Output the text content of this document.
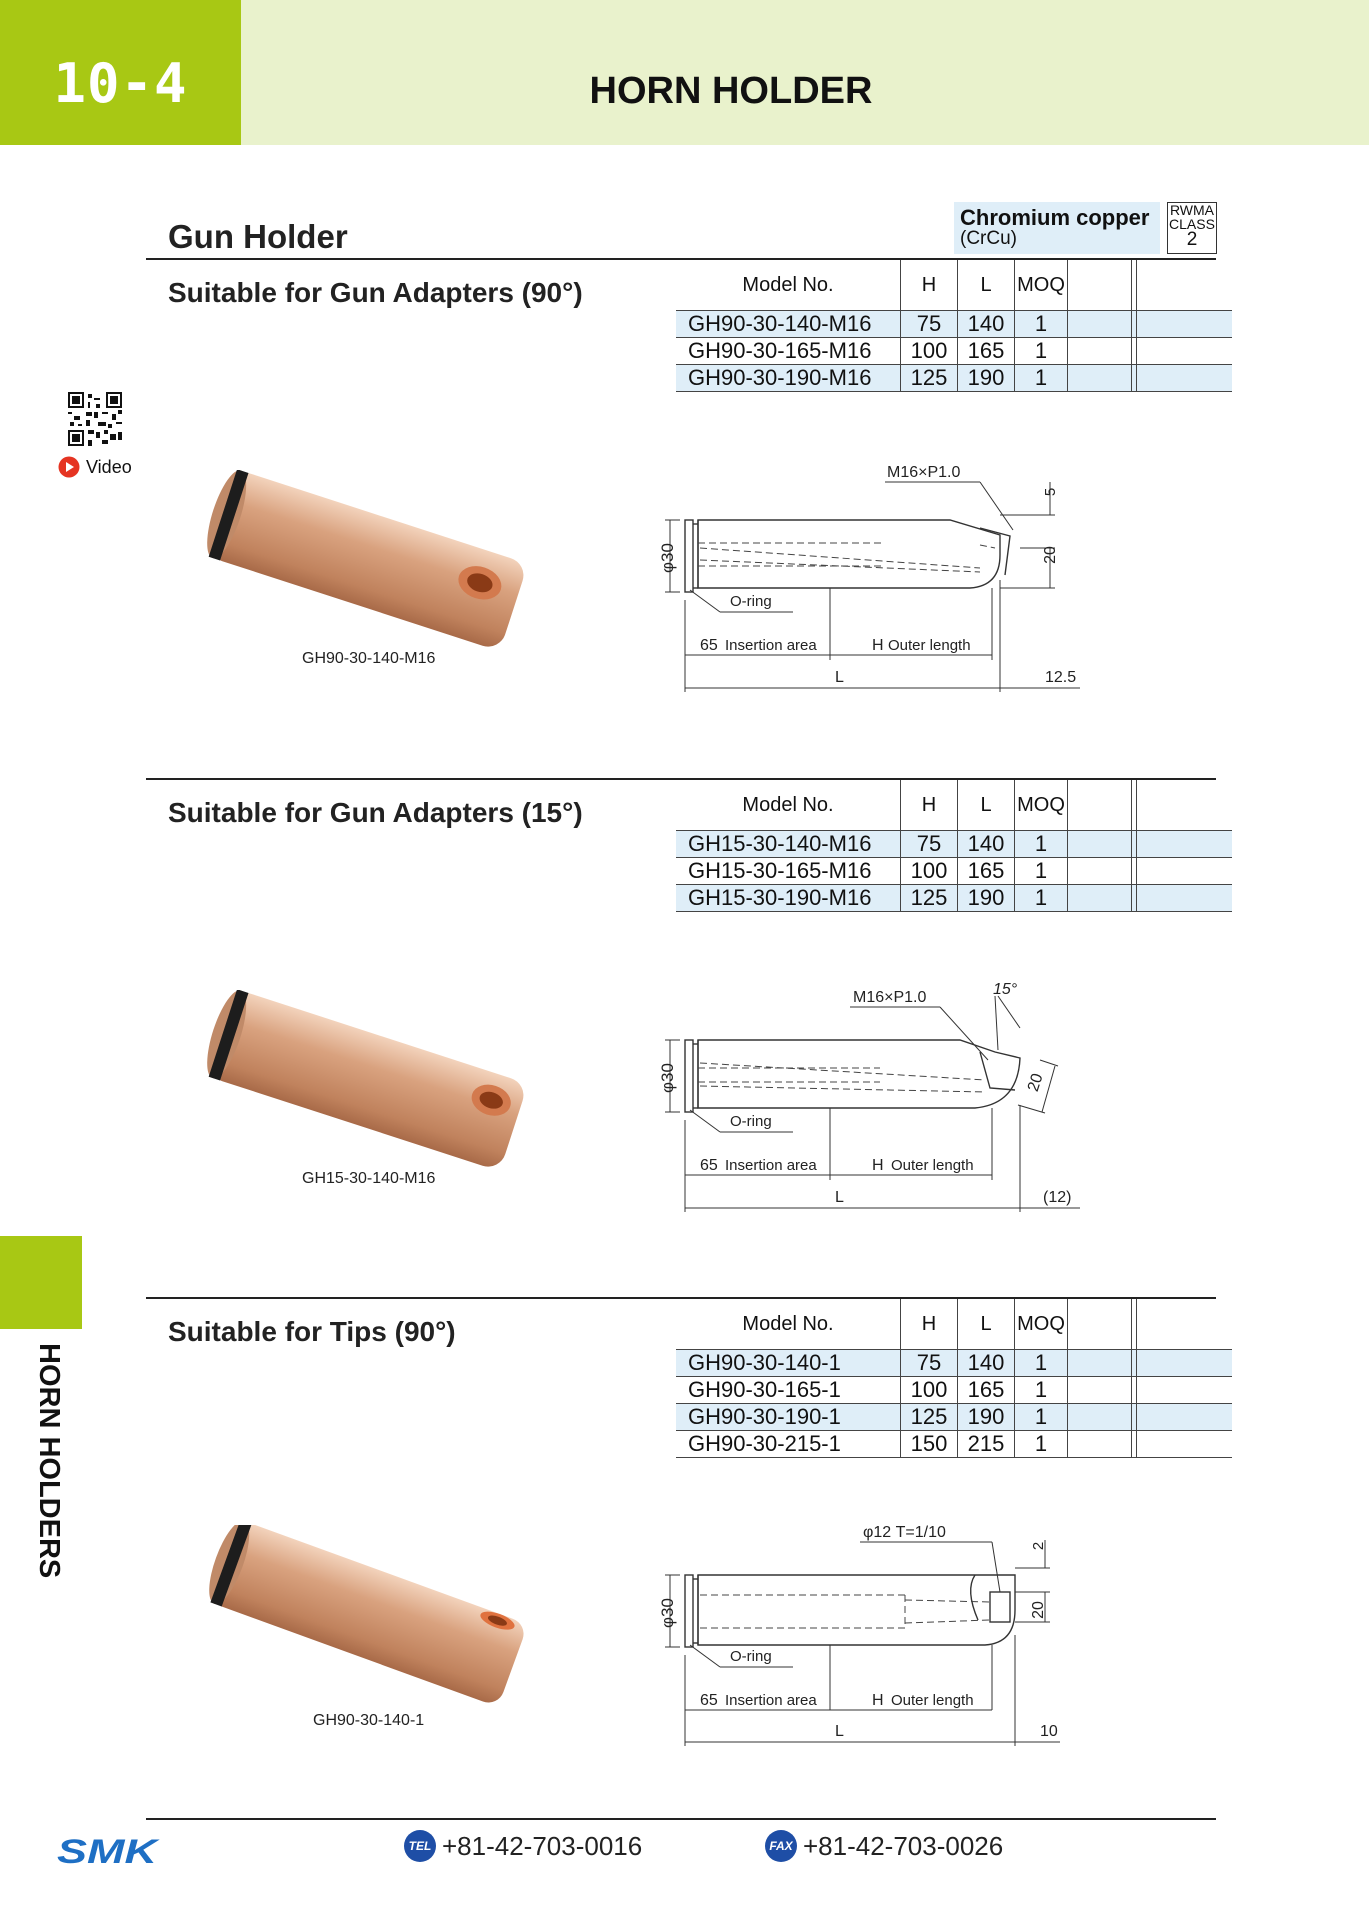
10-4	HORN HOLDER
HORN HOLDERS
Video
Gun Holder
Chromium copper
(CrCu)
RWMA
CLASS
2
Suitable for Gun Adapters (90°)	Model No.	H	L	MOQ			
GH90-30-140-M16	75	140	1			
GH90-30-165-M16	100	165	1			
GH90-30-190-M16	125	190	1			
GH90-30-140-M16
φ30
M16×P1.0
5
20
O-ring
65 Insertion area	H Outer length
L	12.5
Suitable for Gun Adapters (15°)	Model No.	H	L	MOQ			
GH15-30-140-M16	75	140	1			
GH15-30-165-M16	100	165	1			
GH15-30-190-M16	125	190	1			
GH15-30-140-M16
φ30
M16×P1.0	15°
20
O-ring
65 Insertion area	H Outer length
L	(12)
Suitable for Tips (90°)	Model No.	H	L	MOQ			
GH90-30-140-1	75	140	1			
GH90-30-165-1	100	165	1			
GH90-30-190-1	125	190	1			
GH90-30-215-1	150	215	1			
GH90-30-140-1
φ30
φ12 T=1/10
2
20
O-ring
65 Insertion area	H Outer length
L	10
SMK	TEL +81-42-703-0016	FAX +81-42-703-0026
